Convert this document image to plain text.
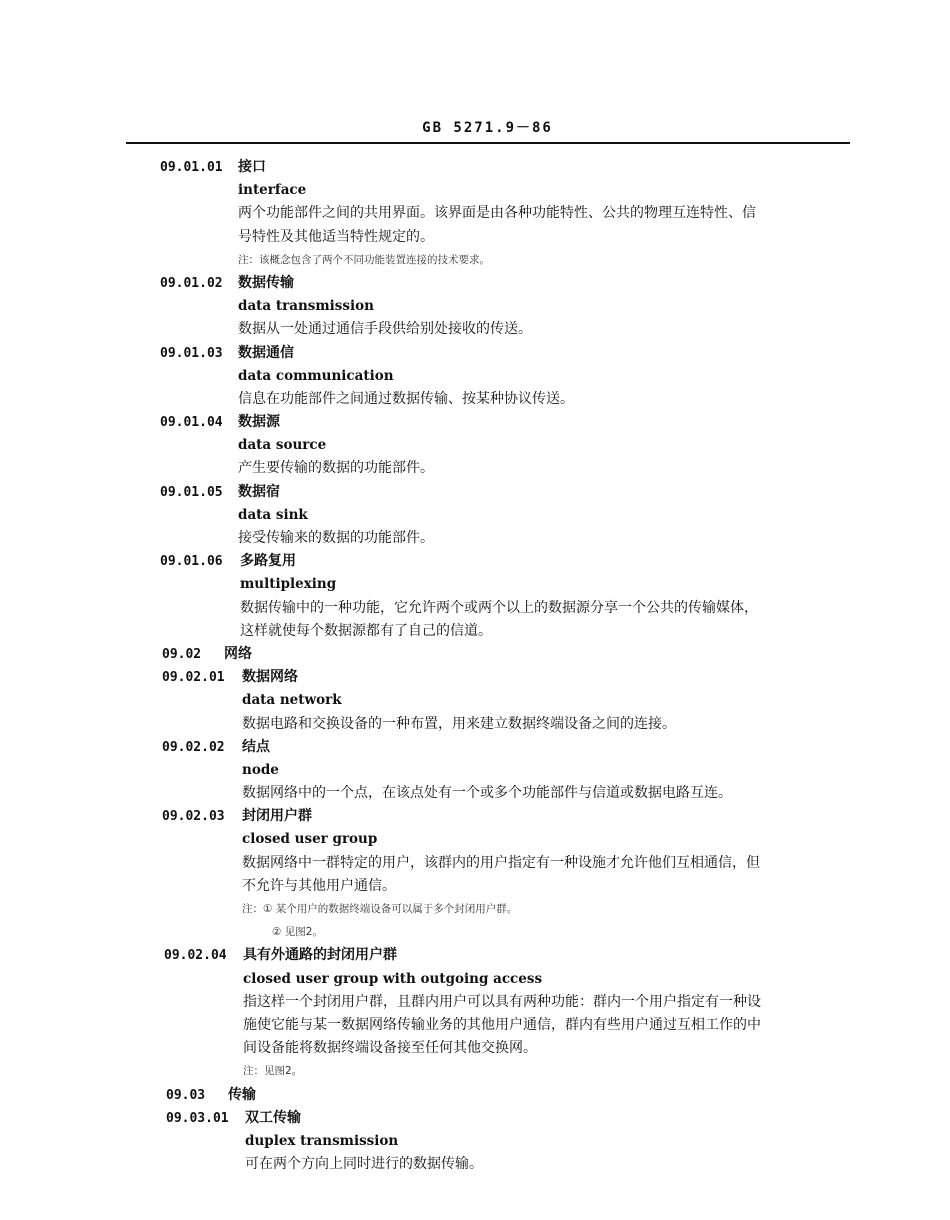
GB 5271.9－86
09.01.01 接口
interface
两个功能部件之间的共用界面。该界面是由各种功能特性、公共的物理互连特性、信
号特性及其他适当特性规定的。
注：该概念包含了两个不同功能装置连接的技术要求。
09.01.02 数据传输
data transmission
数据从一处通过通信手段供给别处接收的传送。
09.01.03 数据通信
data communication
信息在功能部件之间通过数据传输、按某种协议传送。
09.01.04 数据源
data source
产生要传输的数据的功能部件。
09.01.05 数据宿
data sink
接受传输来的数据的功能部件。
09.01.06 多路复用
multiplexing
数据传输中的一种功能，它允许两个或两个以上的数据源分享一个公共的传输媒体，
这样就使每个数据源都有了自己的信道。
09.02 网络
09.02.01 数据网络
data network
数据电路和交换设备的一种布置，用来建立数据终端设备之间的连接。
09.02.02 结点
node
数据网络中的一个点，在该点处有一个或多个功能部件与信道或数据电路互连。
09.02.03 封闭用户群
closed user group
数据网络中一群特定的用户，该群内的用户指定有一种设施才允许他们互相通信，但
不允许与其他用户通信。
注：① 某个用户的数据终端设备可以属于多个封闭用户群。
② 见图2。
09.02.04 具有外通路的封闭用户群
closed user group with outgoing access
指这样一个封闭用户群，且群内用户可以具有两种功能：群内一个用户指定有一种设
施使它能与某一数据网络传输业务的其他用户通信，群内有些用户通过互相工作的中
间设备能将数据终端设备接至任何其他交换网。
注：见图2。
09.03 传输
09.03.01 双工传输
duplex transmission
可在两个方向上同时进行的数据传输。
